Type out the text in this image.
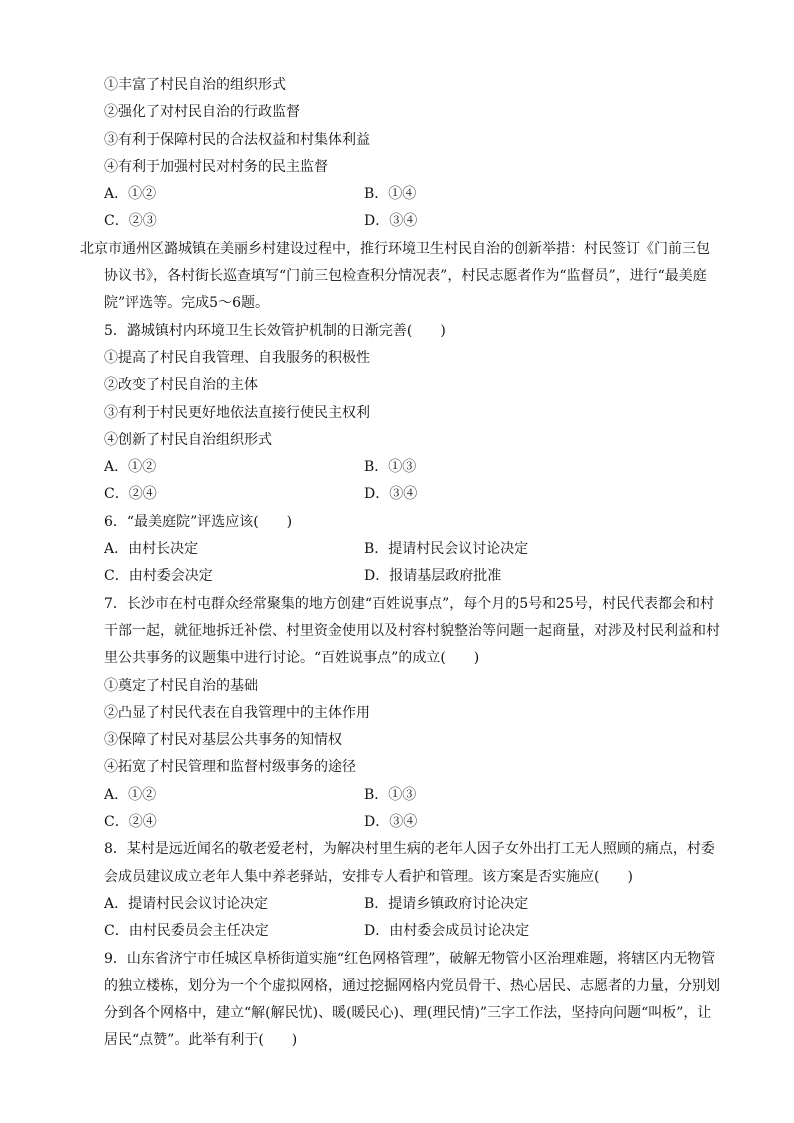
①丰富了村民自治的组织形式
②强化了对村民自治的行政监督
③有利于保障村民的合法权益和村集体利益
④有利于加强村民对村务的民主监督
A．①②	B．①④
C．②③	D．③④
北京市通州区潞城镇在美丽乡村建设过程中，推行环境卫生村民自治的创新举措：村民签订《门前三包协议书》，各村街长巡查填写“门前三包检查积分情况表”，村民志愿者作为“监督员”，进行“最美庭院”评选等。完成5～6题。
5．潞城镇村内环境卫生长效管护机制的日渐完善(　　)
①提高了村民自我管理、自我服务的积极性
②改变了村民自治的主体
③有利于村民更好地依法直接行使民主权利
④创新了村民自治组织形式
A．①②	B．①③
C．②④	D．③④
6．“最美庭院”评选应该(　　)
A．由村长决定	B．提请村民会议讨论决定
C．由村委会决定	D．报请基层政府批准
7．长沙市在村屯群众经常聚集的地方创建“百姓说事点”，每个月的5号和25号，村民代表都会和村干部一起，就征地拆迁补偿、村里资金使用以及村容村貌整治等问题一起商量，对涉及村民利益和村里公共事务的议题集中进行讨论。“百姓说事点”的成立(　　)
①奠定了村民自治的基础
②凸显了村民代表在自我管理中的主体作用
③保障了村民对基层公共事务的知情权
④拓宽了村民管理和监督村级事务的途径
A．①②	B．①③
C．②④	D．③④
8．某村是远近闻名的敬老爱老村，为解决村里生病的老年人因子女外出打工无人照顾的痛点，村委会成员建议成立老年人集中养老驿站，安排专人看护和管理。该方案是否实施应(　　)
A．提请村民会议讨论决定	B．提请乡镇政府讨论决定
C．由村民委员会主任决定	D．由村委会成员讨论决定
9．山东省济宁市任城区阜桥街道实施“红色网格管理”，破解无物管小区治理难题，将辖区内无物管的独立楼栋，划分为一个个虚拟网格，通过挖掘网格内党员骨干、热心居民、志愿者的力量，分别划分到各个网格中，建立“解(解民忧)、暖(暖民心)、理(理民情)”三字工作法，坚持向问题“叫板”，让居民“点赞”。此举有利于(　　)
